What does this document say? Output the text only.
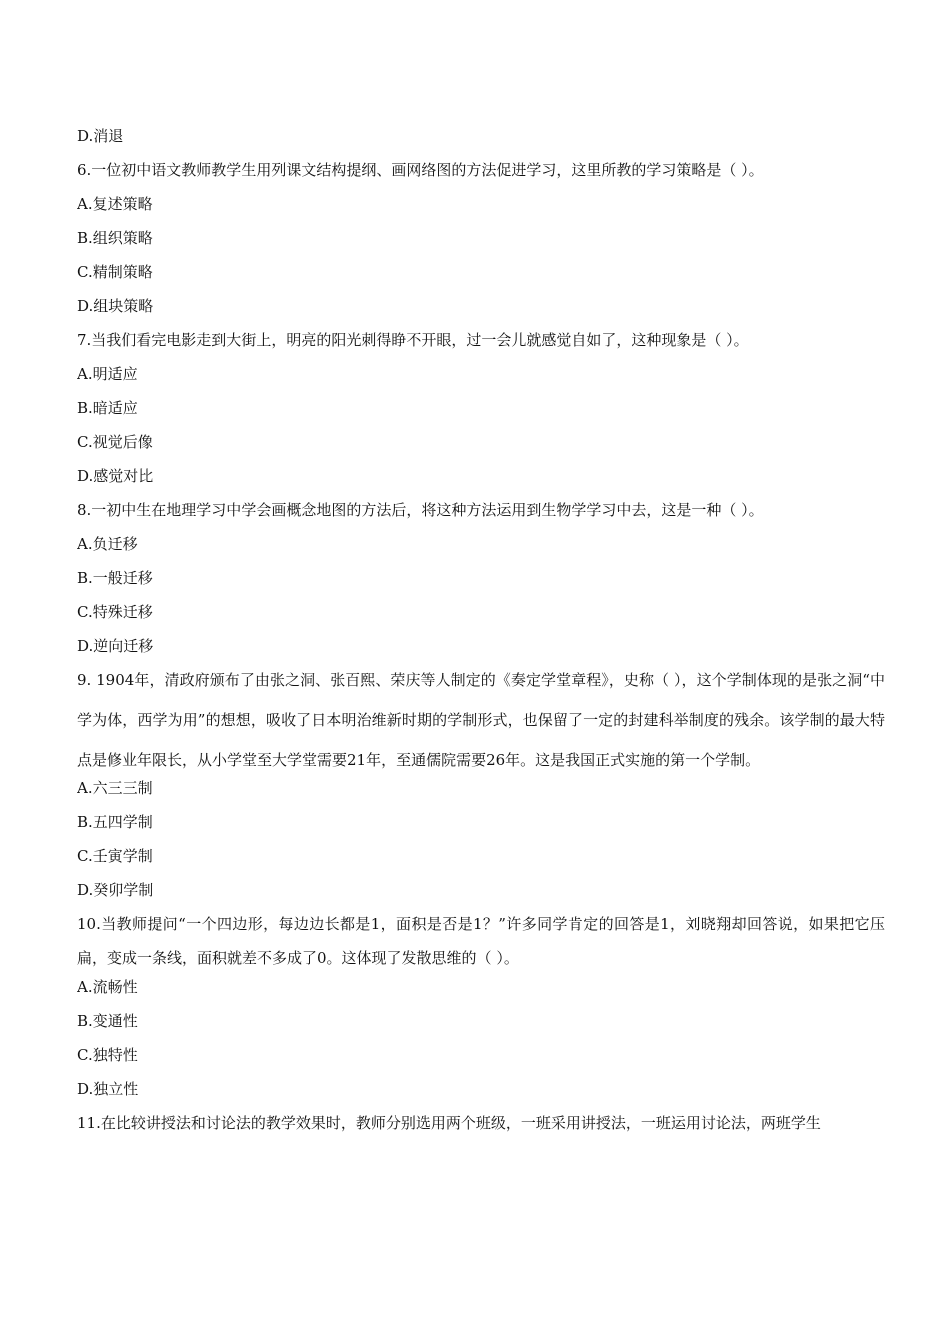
D.消退
6.一位初中语文教师教学生用列课文结构提纲、画网络图的方法促进学习，这里所教的学习策略是（ ）。
A.复述策略
B.组织策略
C.精制策略
D.组块策略
7.当我们看完电影走到大街上，明亮的阳光刺得睁不开眼，过一会儿就感觉自如了，这种现象是（ ）。
A.明适应
B.暗适应
C.视觉后像
D.感觉对比
8.一初中生在地理学习中学会画概念地图的方法后，将这种方法运用到生物学学习中去，这是一种（ ）。
A.负迁移
B.一般迁移
C.特殊迁移
D.逆向迁移
9. 1904年，清政府颁布了由张之洞、张百熙、荣庆等人制定的《奏定学堂章程》，史称（ ），这个学制体现的是张之洞“中学为体，西学为用”的想想，吸收了日本明治维新时期的学制形式，也保留了一定的封建科举制度的残余。该学制的最大特点是修业年限长，从小学堂至大学堂需要21年，至通儒院需要26年。这是我国正式实施的第一个学制。
A.六三三制
B.五四学制
C.壬寅学制
D.癸卯学制
10.当教师提问“一个四边形，每边边长都是1，面积是否是1？”许多同学肯定的回答是1，刘晓翔却回答说，如果把它压扁，变成一条线，面积就差不多成了0。这体现了发散思维的（ ）。
A.流畅性
B.变通性
C.独特性
D.独立性
11.在比较讲授法和讨论法的教学效果时，教师分别选用两个班级，一班采用讲授法，一班运用讨论法，两班学生
